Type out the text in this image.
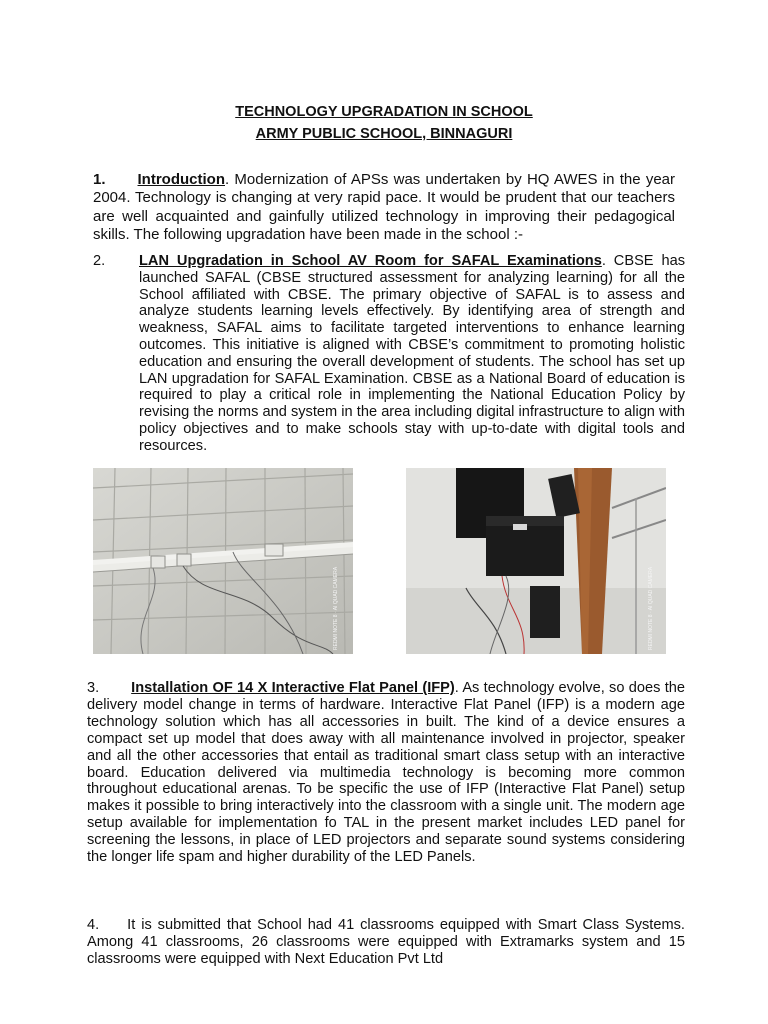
TECHNOLOGY UPGRADATION IN SCHOOL
ARMY PUBLIC SCHOOL, BINNAGURI

1. Introduction. Modernization of APSs was undertaken by HQ AWES in the year 2004. Technology is changing at very rapid pace. It would be prudent that our teachers are well acquainted and gainfully utilized technology in improving their pedagogical skills. The following upgradation have been made in the school :-

2. LAN Upgradation in School AV Room for SAFAL Examinations. CBSE has launched SAFAL (CBSE structured assessment for analyzing learning) for all the School affiliated with CBSE. The primary objective of SAFAL is to assess and analyze students learning levels effectively. By identifying area of strength and weakness, SAFAL aims to facilitate targeted interventions to enhance learning outcomes. This initiative is aligned with CBSE’s commitment to promoting holistic education and ensuring the overall development of students. The school has set up LAN upgradation for SAFAL Examination. CBSE as a National Board of education is required to play a critical role in implementing the National Education Policy by revising the norms and system in the area including digital infrastructure to align with policy objectives and to make schools stay with up-to-date with digital tools and resources.

REDMI NOTE 8 · AI QUAD CAMERA	REDMI NOTE 8 · AI QUAD CAMERA

3. Installation OF 14 X Interactive Flat Panel (IFP). As technology evolve, so does the delivery model change in terms of hardware. Interactive Flat Panel (IFP) is a modern age technology solution which has all accessories in built. The kind of a device ensures a compact set up model that does away with all maintenance involved in projector, speaker and all the other accessories that entail as traditional smart class setup with an interactive board. Education delivered via multimedia technology is becoming more common throughout educational arenas. To be specific the use of IFP (Interactive Flat Panel) setup makes it possible to bring interactively into the classroom with a single unit. The modern age setup available for implementation fo TAL in the present market includes LED panel for screening the lessons, in place of LED projectors and separate sound systems considering the longer life spam and higher durability of the LED Panels.

4. It is submitted that School had 41 classrooms equipped with Smart Class Systems. Among 41 classrooms, 26 classrooms were equipped with Extramarks system and 15 classrooms were equipped with Next Education Pvt Ltd
